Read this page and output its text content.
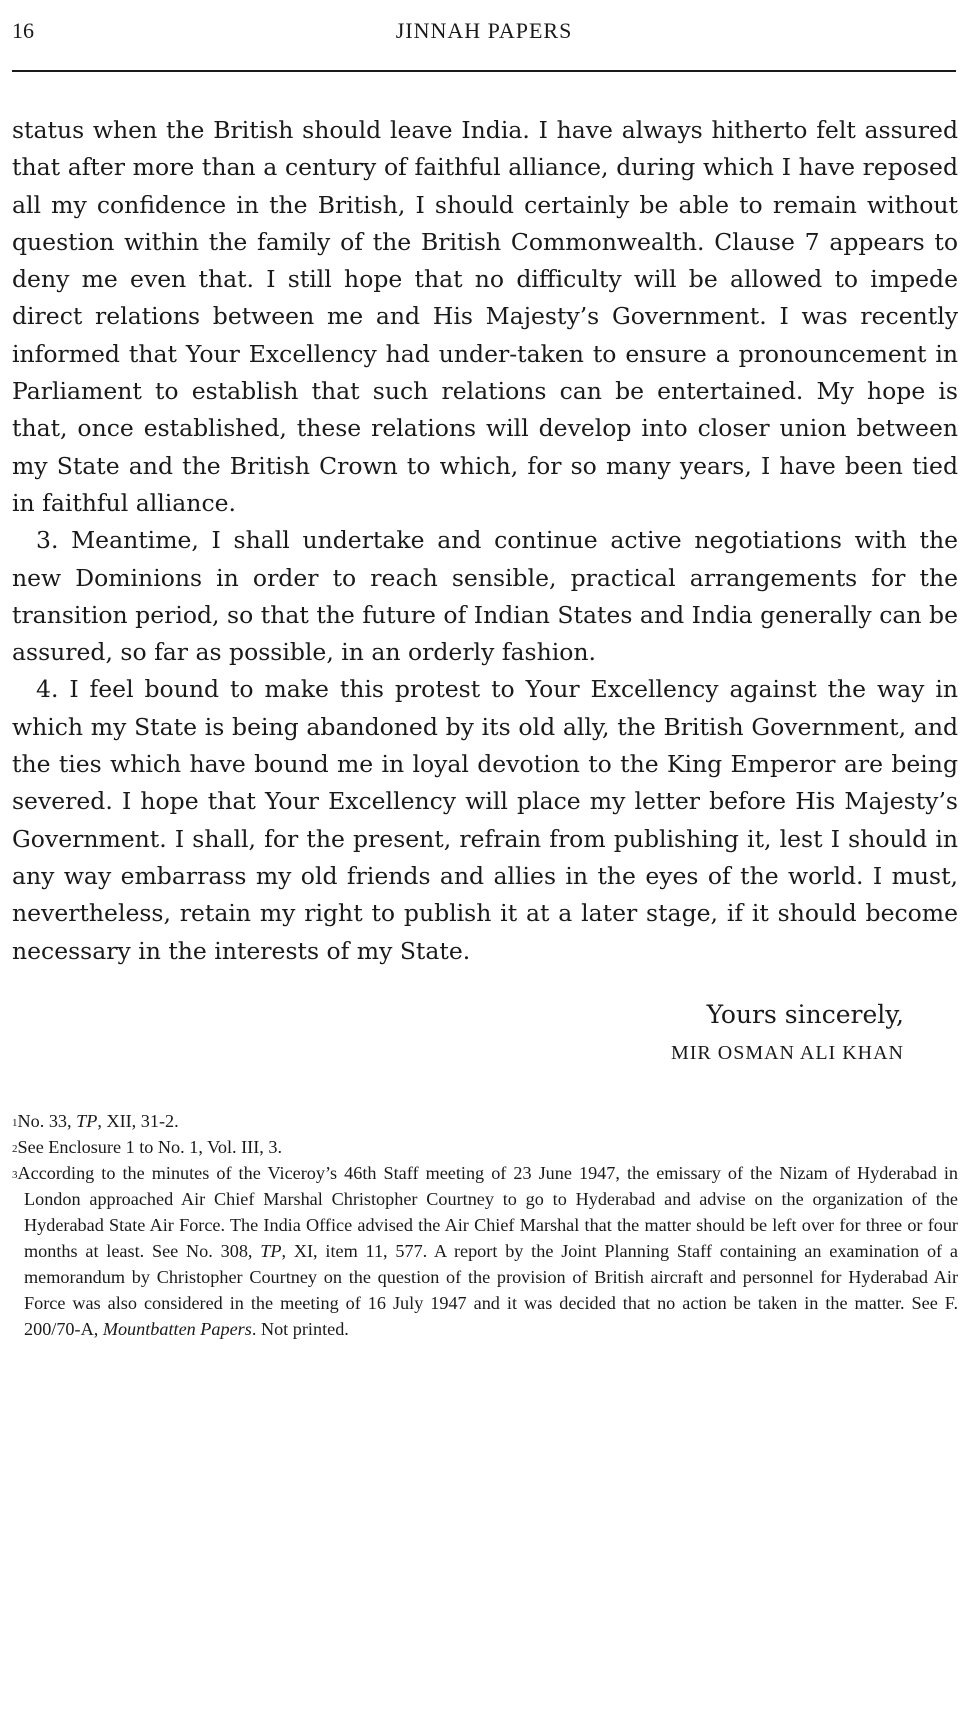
16	JINNAH PAPERS

status when the British should leave India. I have always hitherto felt assured that after more than a century of faithful alliance, during which I have reposed all my confidence in the British, I should certainly be able to remain without question within the family of the British Commonwealth. Clause 7 appears to deny me even that. I still hope that no difficulty will be allowed to impede direct relations between me and His Majesty’s Government. I was recently informed that Your Excellency had under-taken to ensure a pronouncement in Parliament to establish that such relations can be entertained. My hope is that, once established, these relations will develop into closer union between my State and the British Crown to which, for so many years, I have been tied in faithful alliance.

3. Meantime, I shall undertake and continue active negotiations with the new Dominions in order to reach sensible, practical arrangements for the transition period, so that the future of Indian States and India generally can be assured, so far as possible, in an orderly fashion.

4. I feel bound to make this protest to Your Excellency against the way in which my State is being abandoned by its old ally, the British Government, and the ties which have bound me in loyal devotion to the King Emperor are being severed. I hope that Your Excellency will place my letter before His Majesty’s Government. I shall, for the present, refrain from publishing it, lest I should in any way embarrass my old friends and allies in the eyes of the world. I must, nevertheless, retain my right to publish it at a later stage, if it should become necessary in the interests of my State.

Yours sincerely,
MIR OSMAN ALI KHAN

$^1$No. 33, TP, XII, 31-2.

$^2$See Enclosure 1 to No. 1, Vol. III, 3.

$^3$According to the minutes of the Viceroy’s 46th Staff meeting of 23 June 1947, the emissary of the Nizam of Hyderabad in London approached Air Chief Marshal Christopher Courtney to go to Hyderabad and advise on the organization of the Hyderabad State Air Force. The India Office advised the Air Chief Marshal that the matter should be left over for three or four months at least. See No. 308, TP, XI, item 11, 577. A report by the Joint Planning Staff containing an examination of a memorandum by Christopher Courtney on the question of the provision of British aircraft and personnel for Hyderabad Air Force was also considered in the meeting of 16 July 1947 and it was decided that no action be taken in the matter. See F. 200/70-A, Mountbatten Papers. Not printed.
